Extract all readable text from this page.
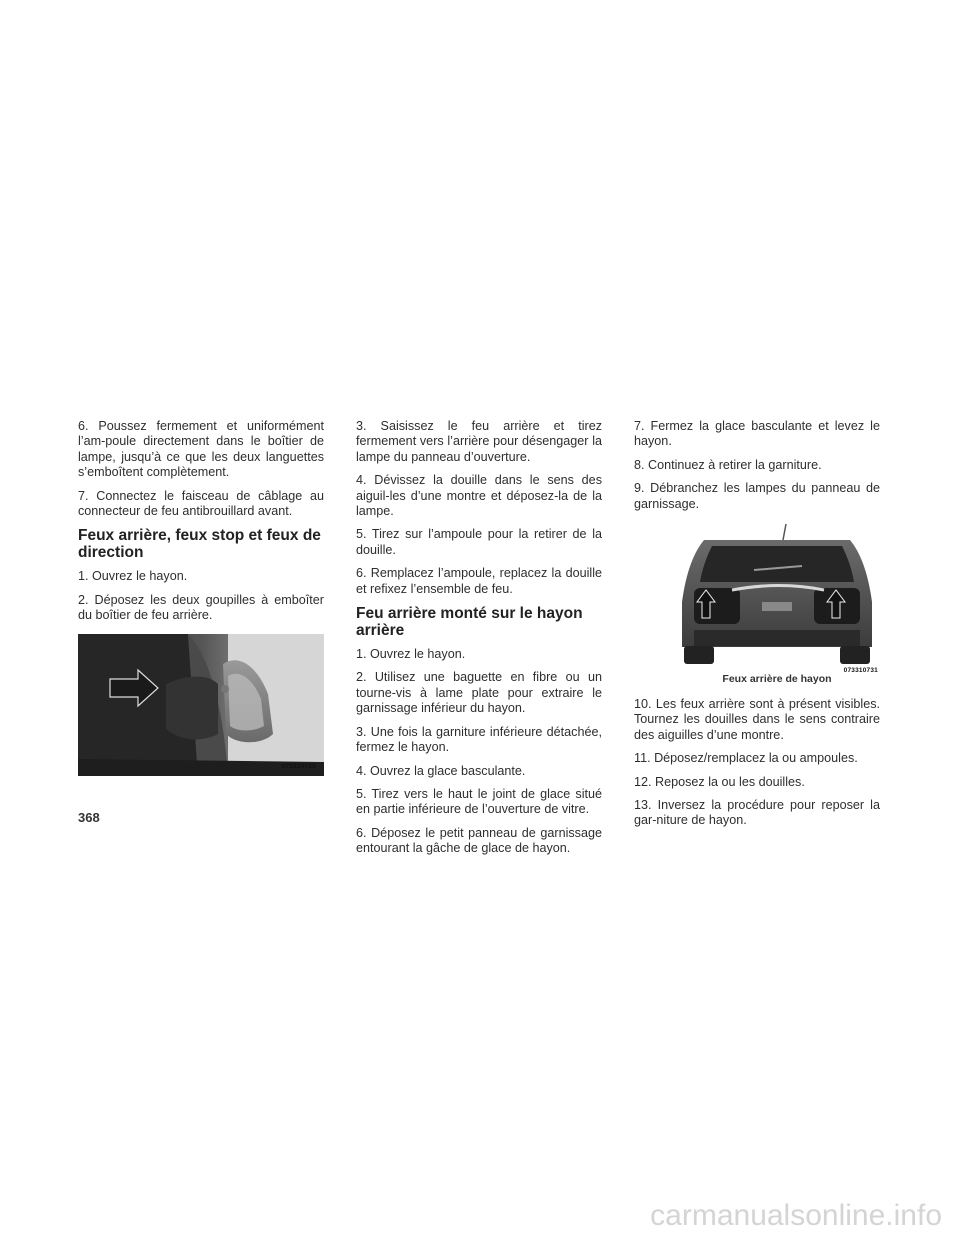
6. Poussez fermement et uniformément l’am-poule directement dans le boîtier de lampe, jusqu’à ce que les deux languettes s’emboîtent complètement.

7. Connectez le faisceau de câblage au connecteur de feu antibrouillard avant.

Feux arrière, feux stop et feux de direction

1. Ouvrez le hayon.

2. Déposez les deux goupilles à emboîter du boîtier de feu arrière.

073310728

3. Saisissez le feu arrière et tirez fermement vers l’arrière pour désengager la lampe du panneau d’ouverture.

4. Dévissez la douille dans le sens des aiguil-les d’une montre et déposez-la de la lampe.

5. Tirez sur l’ampoule pour la retirer de la douille.

6. Remplacez l’ampoule, replacez la douille et refixez l’ensemble de feu.

Feu arrière monté sur le hayon arrière

1. Ouvrez le hayon.

2. Utilisez une baguette en fibre ou un tourne-vis à lame plate pour extraire le garnissage inférieur du hayon.

3. Une fois la garniture inférieure détachée, fermez le hayon.

4. Ouvrez la glace basculante.

5. Tirez vers le haut le joint de glace situé en partie inférieure de l’ouverture de vitre.

6. Déposez le petit panneau de garnissage entourant la gâche de glace de hayon.

7. Fermez la glace basculante et levez le hayon.

8. Continuez à retirer la garniture.

9. Débranchez les lampes du panneau de garnissage.

073310731
Feux arrière de hayon

10. Les feux arrière sont à présent visibles. Tournez les douilles dans le sens contraire des aiguilles d’une montre.

11. Déposez/remplacez la ou ampoules.

12. Reposez la ou les douilles.

13. Inversez la procédure pour reposer la gar-niture de hayon.

368
carmanualsonline.info
